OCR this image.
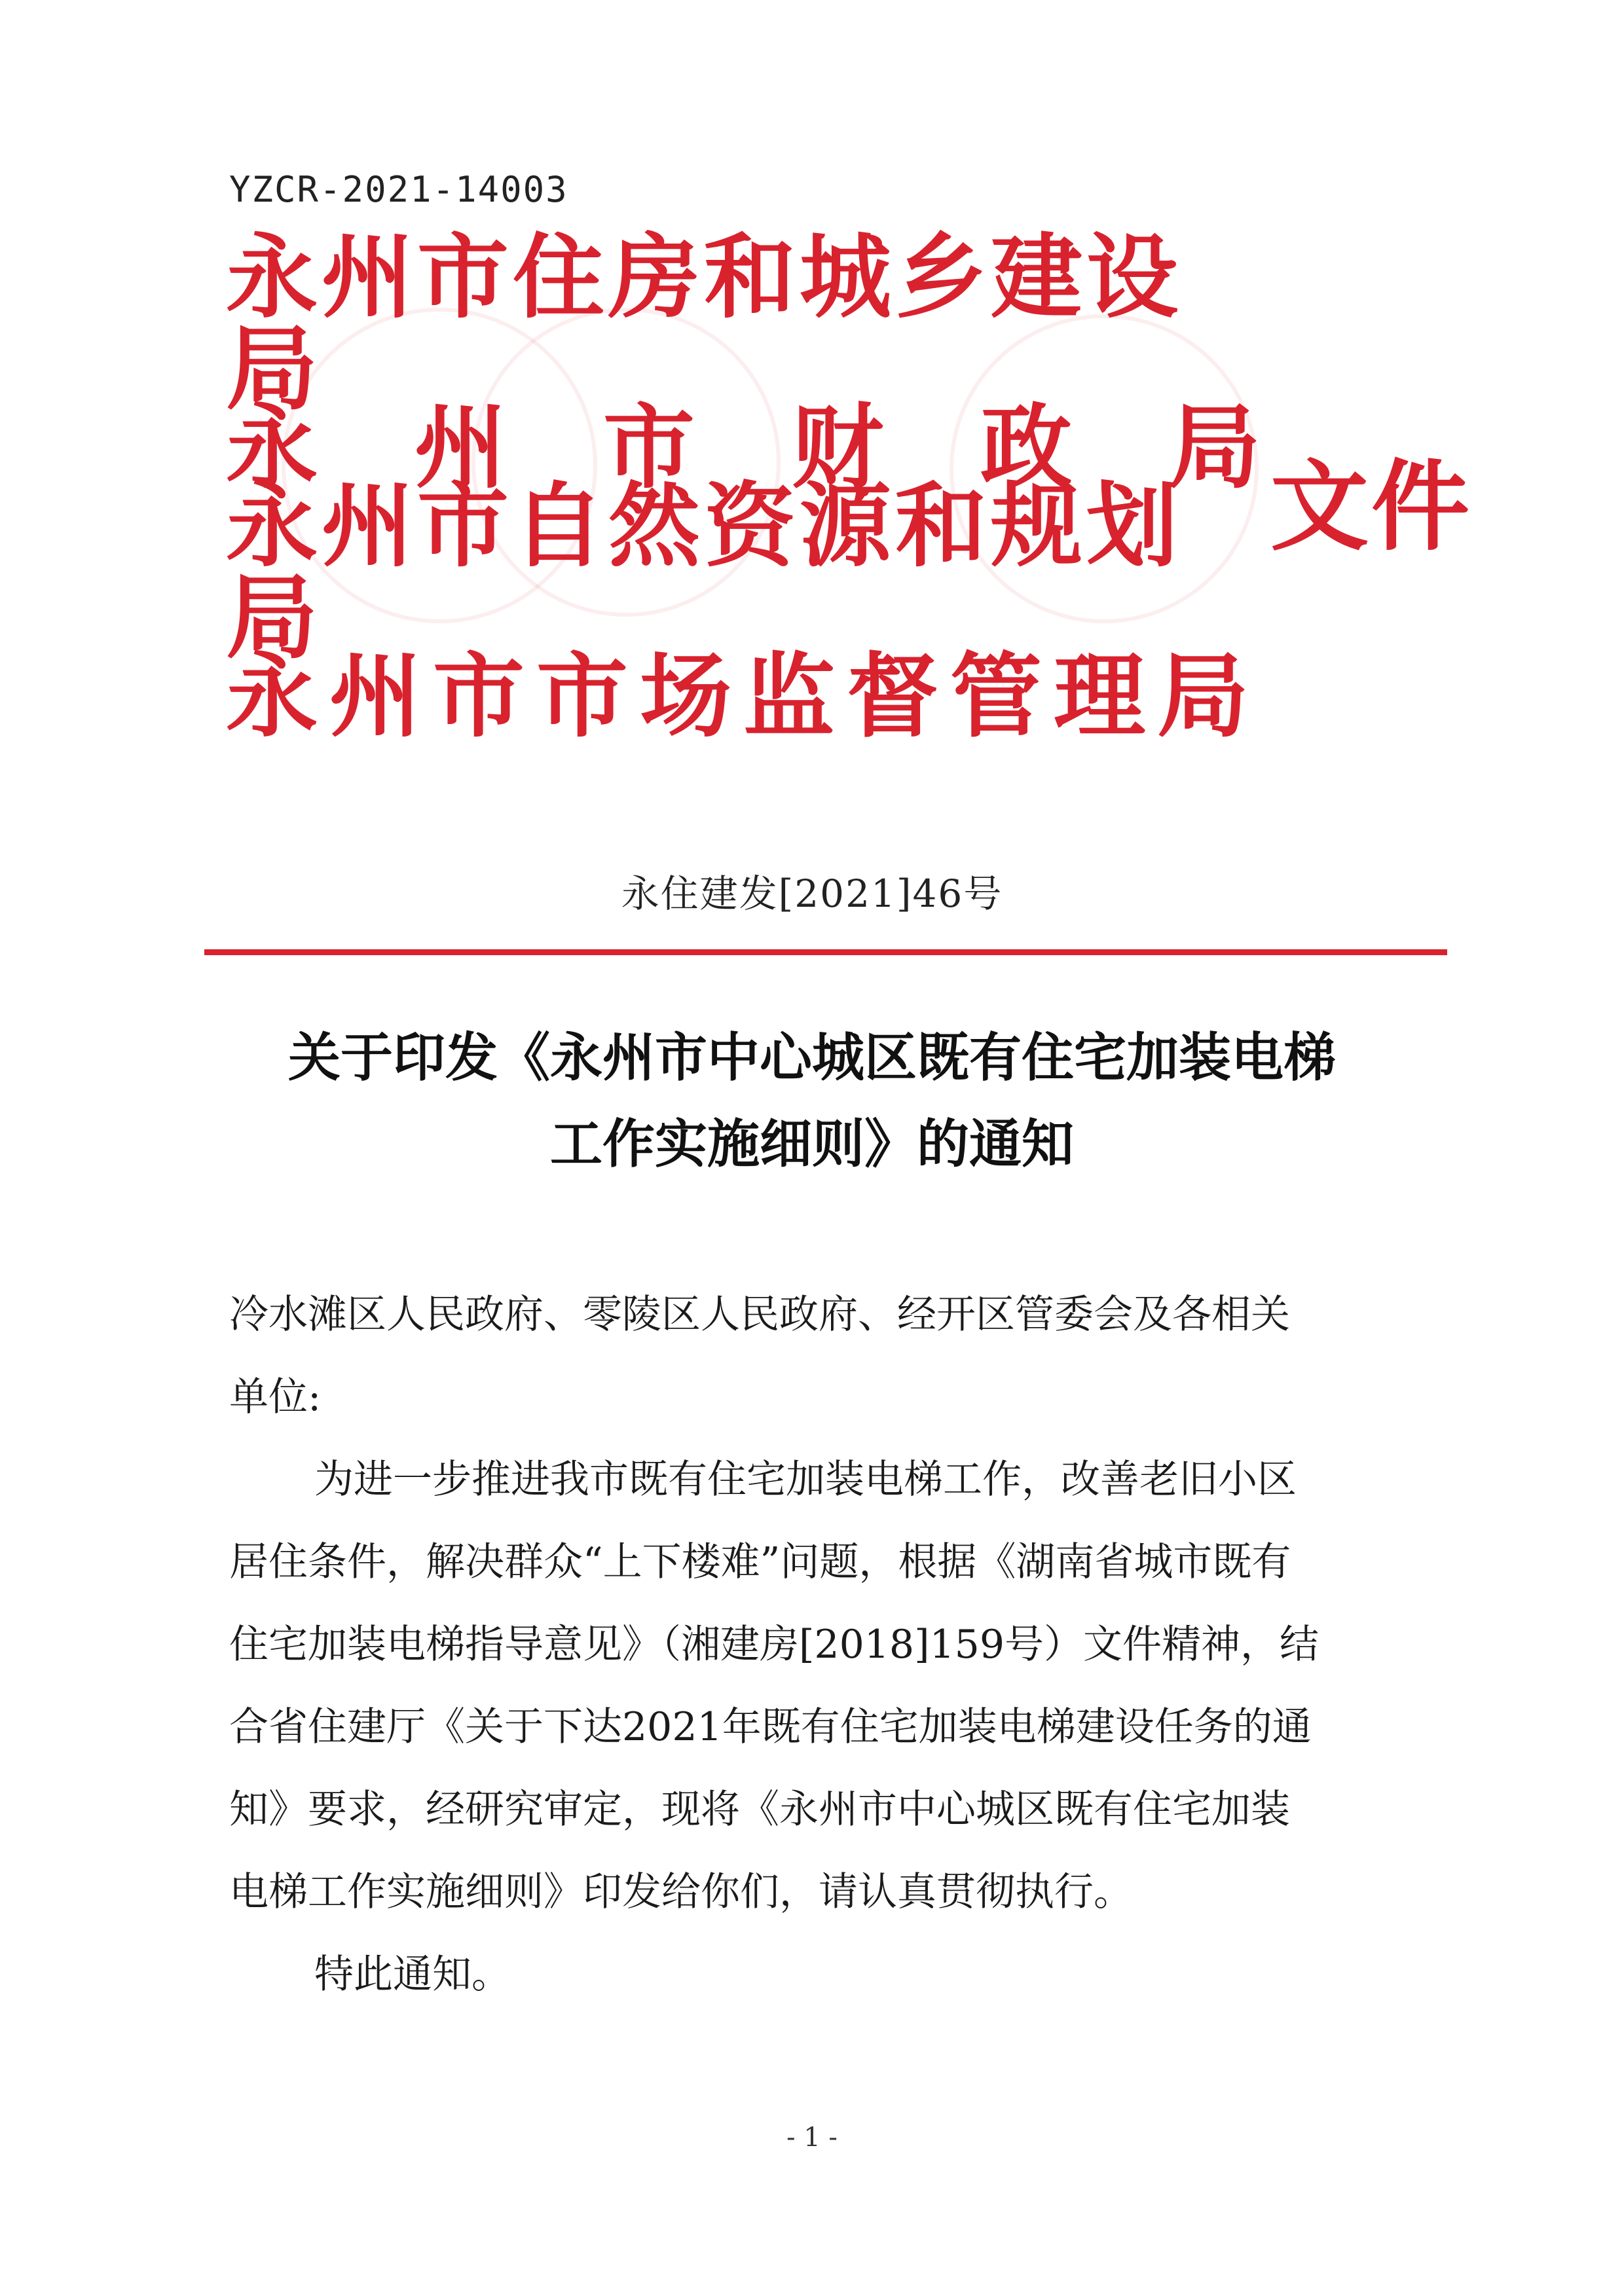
YZCR-2021-14003
永州市住房和城乡建设局
永 州 市 财 政 局
永州市自然资源和规划局
永州市市场监督管理局
文件
永住建发[2021]46号
关于印发《永州市中心城区既有住宅加装电梯
工作实施细则》的通知

冷水滩区人民政府、零陵区人民政府、经开区管委会及各相关

单位:

为进一步推进我市既有住宅加装电梯工作，改善老旧小区

居住条件，解决群众“上下楼难”问题，根据《湖南省城市既有

住宅加装电梯指导意见》（湘建房[2018]159号）文件精神，结

合省住建厅《关于下达2021年既有住宅加装电梯建设任务的通

知》要求，经研究审定，现将《永州市中心城区既有住宅加装

电梯工作实施细则》印发给你们，请认真贯彻执行。

特此通知。

- 1 -
